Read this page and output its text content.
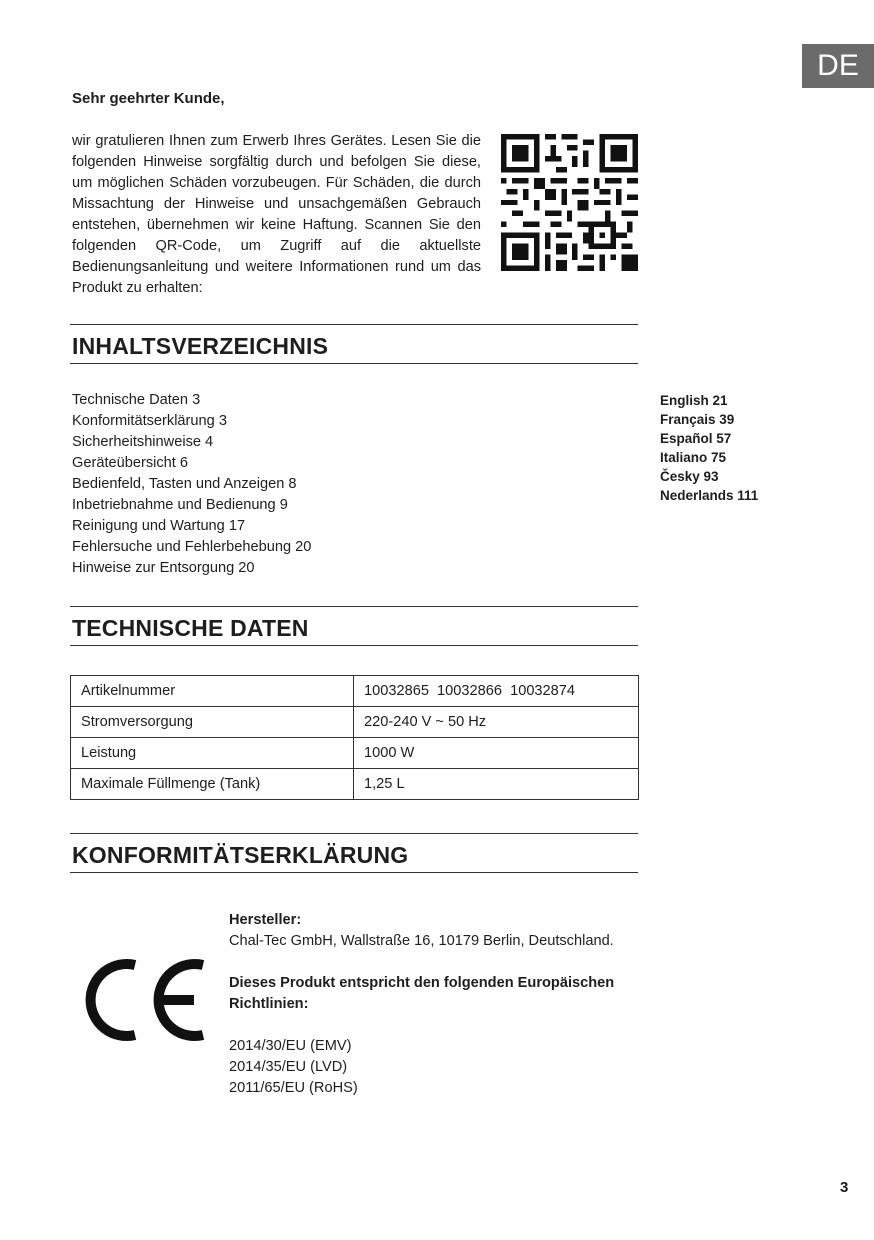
DE
Sehr geehrter Kunde,
wir gratulieren Ihnen zum Erwerb Ihres Gerätes. Lesen Sie die folgenden Hinweise sorgfältig durch und befolgen Sie diese, um möglichen Schäden vorzubeugen. Für Schäden, die durch Missachtung der Hinweise und unsachgemäßen Gebrauch entstehen, übernehmen wir keine Haftung. Scannen Sie den folgenden QR-Code, um Zugriff auf die aktuellste Bedienungsanleitung und weitere Informationen rund um das Produkt zu erhalten:
INHALTSVERZEICHNIS
Technische Daten 3
Konformitätserklärung 3
Sicherheitshinweise 4
Geräteübersicht 6
Bedienfeld, Tasten und Anzeigen 8
Inbetriebnahme und Bedienung 9
Reinigung und Wartung 17
Fehlersuche und Fehlerbehebung 20
Hinweise zur Entsorgung 20
English 21
Français 39
Español 57
Italiano 75
Česky 93
Nederlands 111
TECHNISCHE DATEN
Artikelnummer	10032865  10032866  10032874
Stromversorgung	220-240 V ~ 50 Hz
Leistung	1000 W
Maximale Füllmenge (Tank)	1,25 L
KONFORMITÄTSERKLÄRUNG
Hersteller:
Chal-Tec GmbH, Wallstraße 16, 10179 Berlin, Deutschland.
Dieses Produkt entspricht den folgenden Europäischen
Richtlinien:
2014/30/EU (EMV)
2014/35/EU (LVD)
2011/65/EU (RoHS)
3
